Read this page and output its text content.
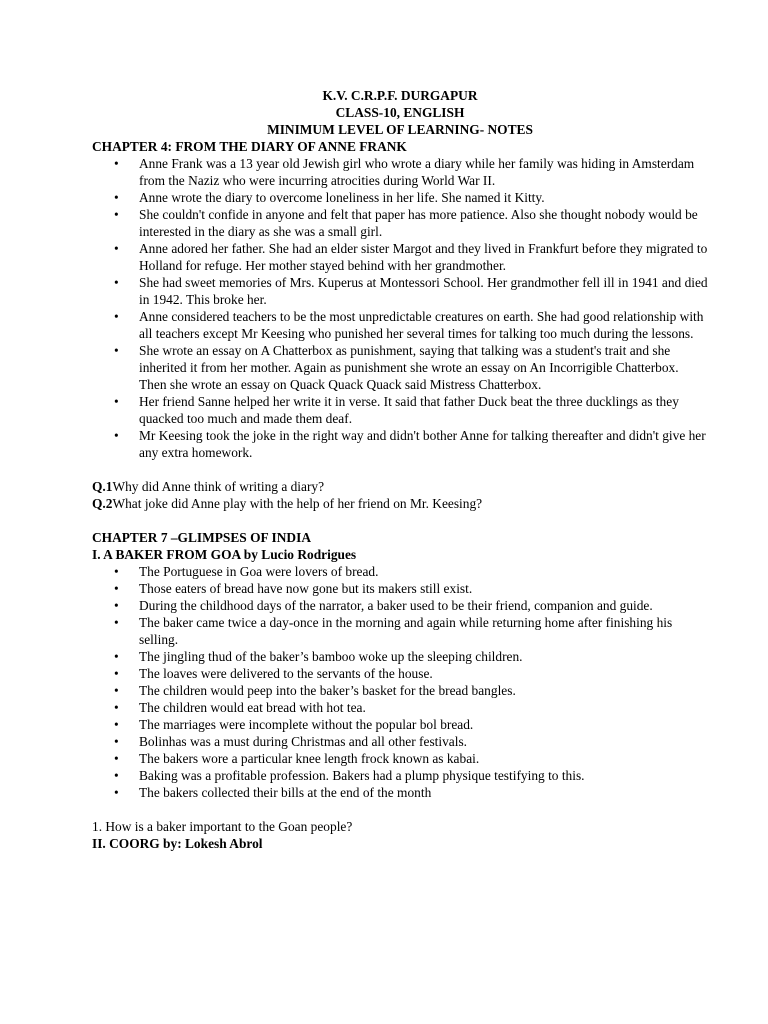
K.V. C.R.P.F. DURGAPUR
CLASS-10, ENGLISH
MINIMUM LEVEL OF LEARNING- NOTES
CHAPTER 4: FROM THE DIARY OF ANNE FRANK
• Anne Frank was a 13 year old Jewish girl who wrote a diary while her family was hiding in Amsterdam from the Naziz who were incurring atrocities during World War II.
• Anne wrote the diary to overcome loneliness in her life. She named it Kitty.
• She couldn't confide in anyone and felt that paper has more patience. Also she thought nobody would be interested in the diary as she was a small girl.
• Anne adored her father. She had an elder sister Margot and they lived in Frankfurt before they migrated to Holland for refuge. Her mother stayed behind with her grandmother.
• She had sweet memories of Mrs. Kuperus at Montessori School. Her grandmother fell ill in 1941 and died in 1942. This broke her.
• Anne considered teachers to be the most unpredictable creatures on earth. She had good relationship with all teachers except Mr Keesing who punished her several times for talking too much during the lessons.
• She wrote an essay on A Chatterbox as punishment, saying that talking was a student's trait and she inherited it from her mother. Again as punishment she wrote an essay on An Incorrigible Chatterbox. Then she wrote an essay on Quack Quack Quack said Mistress Chatterbox.
• Her friend Sanne helped her write it in verse. It said that father Duck beat the three ducklings as they quacked too much and made them deaf.
• Mr Keesing took the joke in the right way and didn't bother Anne for talking thereafter and didn't give her any extra homework.
Q.1Why did Anne think of writing a diary?
Q.2What joke did Anne play with the help of her friend on Mr. Keesing?
CHAPTER 7 –GLIMPSES OF INDIA
I. A BAKER FROM GOA by Lucio Rodrigues
• The Portuguese in Goa were lovers of bread.
• Those eaters of bread have now gone but its makers still exist.
• During the childhood days of the narrator, a baker used to be their friend, companion and guide.
• The baker came twice a day-once in the morning and again while returning home after finishing his selling.
• The jingling thud of the baker’s bamboo woke up the sleeping children.
• The loaves were delivered to the servants of the house.
• The children would peep into the baker’s basket for the bread bangles.
• The children would eat bread with hot tea.
• The marriages were incomplete without the popular bol bread.
• Bolinhas was a must during Christmas and all other festivals.
• The bakers wore a particular knee length frock known as kabai.
• Baking was a profitable profession. Bakers had a plump physique testifying to this.
• The bakers collected their bills at the end of the month
1. How is a baker important to the Goan people?
II. COORG by: Lokesh Abrol
